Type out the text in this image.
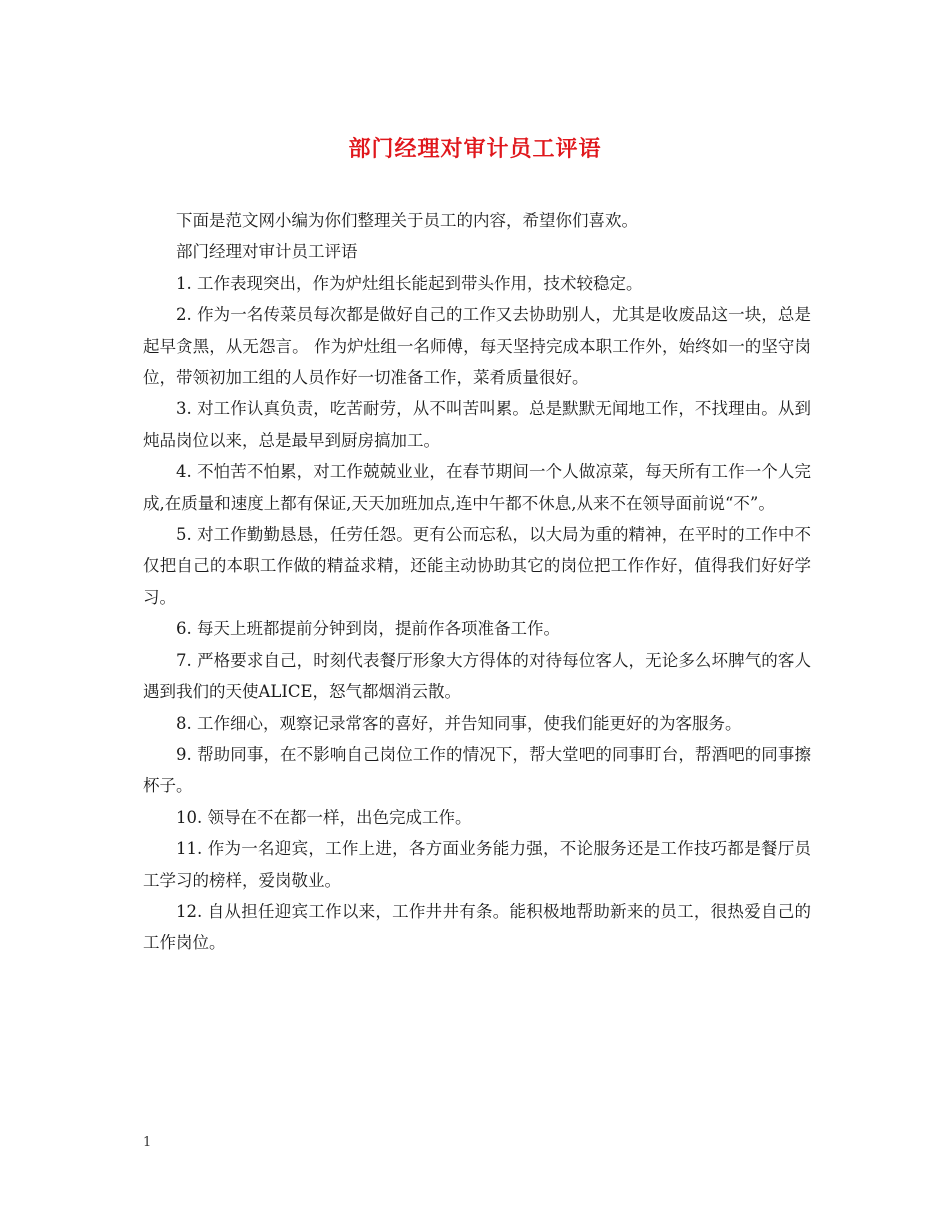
部门经理对审计员工评语

下面是范文网小编为你们整理关于员工的内容，希望你们喜欢。

部门经理对审计员工评语

1. 工作表现突出，作为炉灶组长能起到带头作用，技术较稳定。

2. 作为一名传菜员每次都是做好自己的工作又去协助别人，尤其是收废品这一块，总是起早贪黑，从无怨言。 作为炉灶组一名师傅，每天坚持完成本职工作外，始终如一的坚守岗位，带领初加工组的人员作好一切准备工作，菜肴质量很好。

3. 对工作认真负责，吃苦耐劳，从不叫苦叫累。总是默默无闻地工作，不找理由。从到炖品岗位以来，总是最早到厨房搞加工。

4. 不怕苦不怕累，对工作兢兢业业，在春节期间一个人做凉菜，每天所有工作一个人完成,在质量和速度上都有保证,天天加班加点,连中午都不休息,从来不在领导面前说“不”。

5. 对工作勤勤恳恳，任劳任怨。更有公而忘私，以大局为重的精神，在平时的工作中不仅把自己的本职工作做的精益求精，还能主动协助其它的岗位把工作作好，值得我们好好学习。

6. 每天上班都提前分钟到岗，提前作各项准备工作。

7. 严格要求自己，时刻代表餐厅形象大方得体的对待每位客人，无论多么坏脾气的客人遇到我们的天使ALICE，怒气都烟消云散。

8. 工作细心，观察记录常客的喜好，并告知同事，使我们能更好的为客服务。

9. 帮助同事，在不影响自己岗位工作的情况下，帮大堂吧的同事盯台，帮酒吧的同事擦杯子。

10. 领导在不在都一样，出色完成工作。

11. 作为一名迎宾，工作上进，各方面业务能力强，不论服务还是工作技巧都是餐厅员工学习的榜样，爱岗敬业。

12. 自从担任迎宾工作以来，工作井井有条。能积极地帮助新来的员工，很热爱自己的工作岗位。

1
